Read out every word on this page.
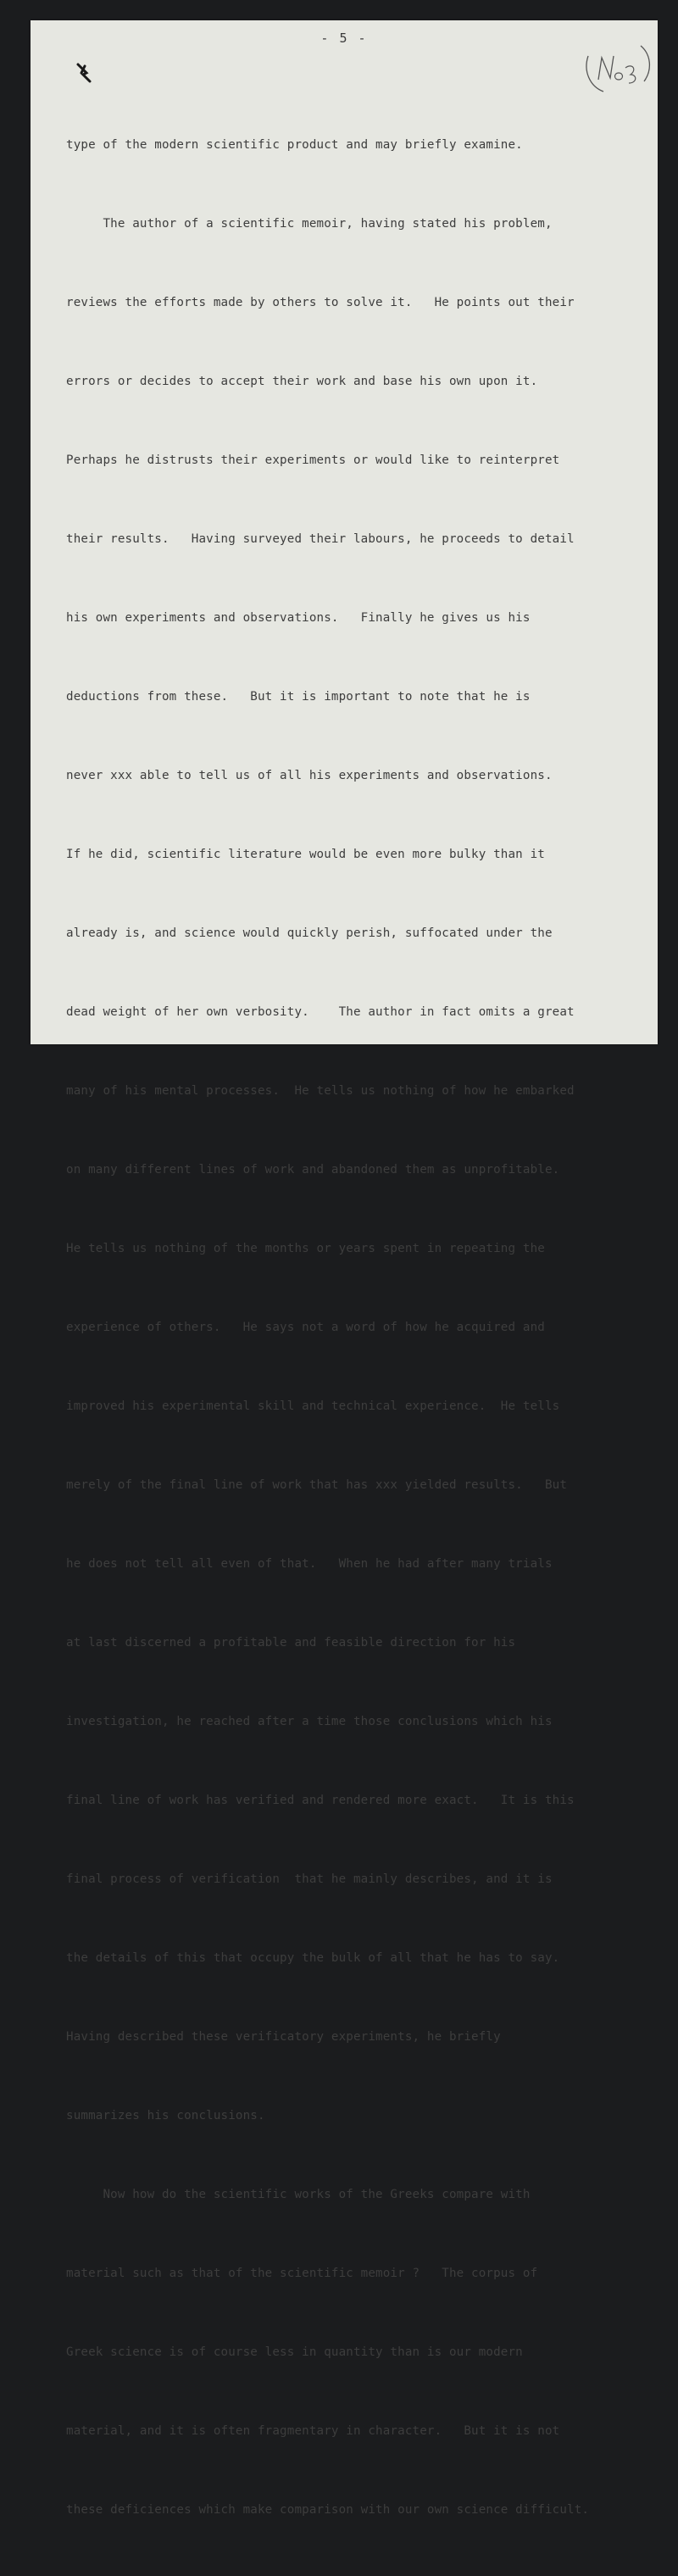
- 5 -

type of the modern scientific product and may briefly examine.

The author of a scientific memoir, having stated his problem,

reviews the efforts made by others to solve it.   He points out their

errors or decides to accept their work and base his own upon it.

Perhaps he distrusts their experiments or would like to reinterpret

their results.   Having surveyed their labours, he proceeds to detail

his own experiments and observations.   Finally he gives us his

deductions from these.   But it is important to note that he is

never xxx able to tell us of all his experiments and observations.

If he did, scientific literature would be even more bulky than it

already is, and science would quickly perish, suffocated under the

dead weight of her own verbosity.    The author in fact omits a great

many of his mental processes.  He tells us nothing of how he embarked

on many different lines of work and abandoned them as unprofitable.

He tells us nothing of the months or years spent in repeating the

experience of others.   He says not a word of how he acquired and

improved his experimental skill and technical experience.  He tells

merely of the final line of work that has xxx yielded results.   But

he does not tell all even of that.   When he had after many trials

at last discerned a profitable and feasible direction for his

investigation, he reached after a time those conclusions which his

final line of work has verified and rendered more exact.   It is this

final process of verification  that he mainly describes, and it is

the details of this that occupy the bulk of all that he has to say.

Having described these verificatory experiments, he briefly

summarizes his conclusions.

Now how do the scientific works of the Greeks compare with

material such as that of the scientific memoir ?   The corpus of

Greek science is of course less in quantity than is our modern

material, and it is often fragmentary in character.   But it is not

these deficiences which make comparison with our own science difficult.
